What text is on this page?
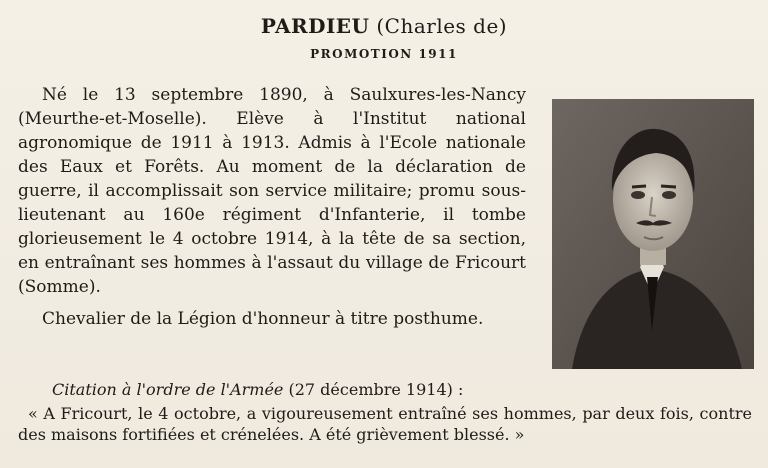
PARDIEU (Charles de)
PROMOTION 1911

Né le 13 septembre 1890, à Saulxures-les-Nancy (Meurthe-et-Moselle). Elève à l'Institut national agronomique de 1911 à 1913. Admis à l'Ecole nationale des Eaux et Forêts. Au moment de la déclaration de guerre, il accomplissait son service militaire; promu sous-lieutenant au 160e régiment d'Infanterie, il tombe glorieusement le 4 octobre 1914, à la tête de sa section, en entraînant ses hommes à l'assaut du village de Fricourt (Somme).

Chevalier de la Légion d'honneur à titre posthume.

Citation à l'ordre de l'Armée (27 décembre 1914) :

« A Fricourt, le 4 octobre, a vigoureusement entraîné ses hommes, par deux fois, contre des maisons fortifiées et crénelées. A été grièvement blessé. »
